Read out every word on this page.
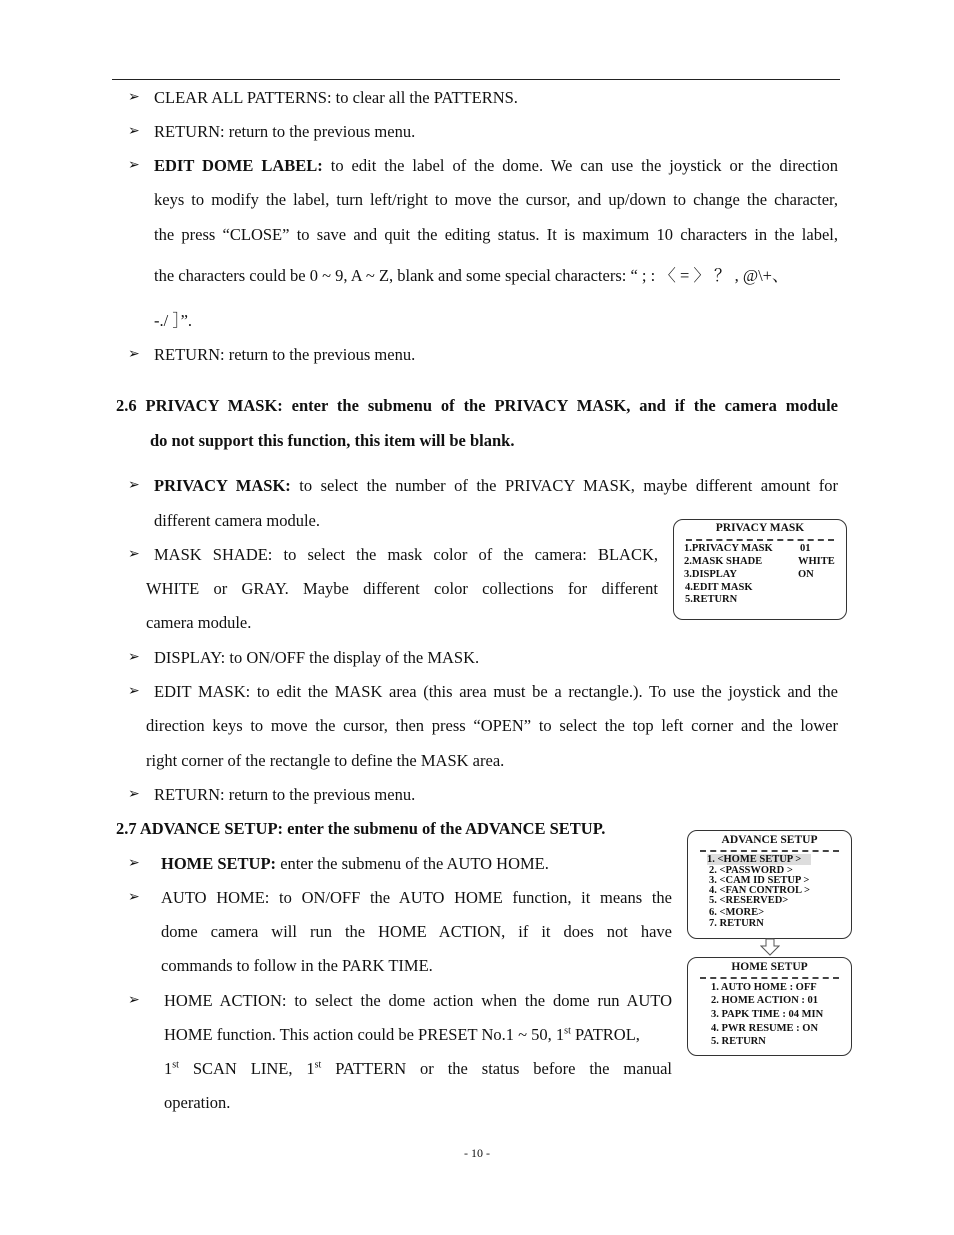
➢ CLEAR ALL PATTERNS: to clear all the PATTERNS.
➢ RETURN: return to the previous menu.
➢ EDIT DOME LABEL: to edit the label of the dome. We can use the joystick or the direction
keys to modify the label, turn left/right to move the cursor, and up/down to change the character,
the press “CLOSE” to save and quit the editing status. It is maximum 10 characters in the label,
the characters could be 0 ~ 9, A ~ Z, blank and some special characters: “ ; : 〈 = 〉 ？ , @\+、
-./ ］”.
➢ RETURN: return to the previous menu.
2.6 PRIVACY MASK: enter the submenu of the PRIVACY MASK, and if the camera module
do not support this function, this item will be blank.
➢ PRIVACY MASK: to select the number of the PRIVACY MASK, maybe different amount for
different camera module.
➢ MASK SHADE: to select the mask color of the camera: BLACK,
WHITE or GRAY. Maybe different color collections for different
camera module.
➢ DISPLAY: to ON/OFF the display of the MASK.
➢ EDIT MASK: to edit the MASK area (this area must be a rectangle.). To use the joystick and the
direction keys to move the cursor, then press “OPEN” to select the top left corner and the lower
right corner of the rectangle to define the MASK area.
➢ RETURN: return to the previous menu.
PRIVACY MASK
1.PRIVACY MASK
2.MASK SHADE
3.DISPLAY
4.EDIT MASK
5.RETURN
01
WHITE
ON
2.7 ADVANCE SETUP: enter the submenu of the ADVANCE SETUP.
➢ HOME SETUP: enter the submenu of the AUTO HOME.
➢ AUTO HOME: to ON/OFF the AUTO HOME function, it means the
dome camera will run the HOME ACTION, if it does not have
commands to follow in the PARK TIME.
➢ HOME ACTION: to select the dome action when the dome run AUTO
HOME function. This action could be PRESET No.1 ~ 50, 1st PATROL,
1st SCAN LINE, 1st PATTERN or the status before the manual
operation.
ADVANCE SETUP
1. <HOME SETUP >
2. <PASSWORD >
3. <CAM ID SETUP >
4. <FAN CONTROL >
5. <RESERVED>
6. <MORE>
7. RETURN
HOME SETUP
1. AUTO HOME : OFF
2. HOME ACTION : 01
3. PAPK TIME : 04 MIN
4. PWR RESUME : ON
5. RETURN
- 10 -
